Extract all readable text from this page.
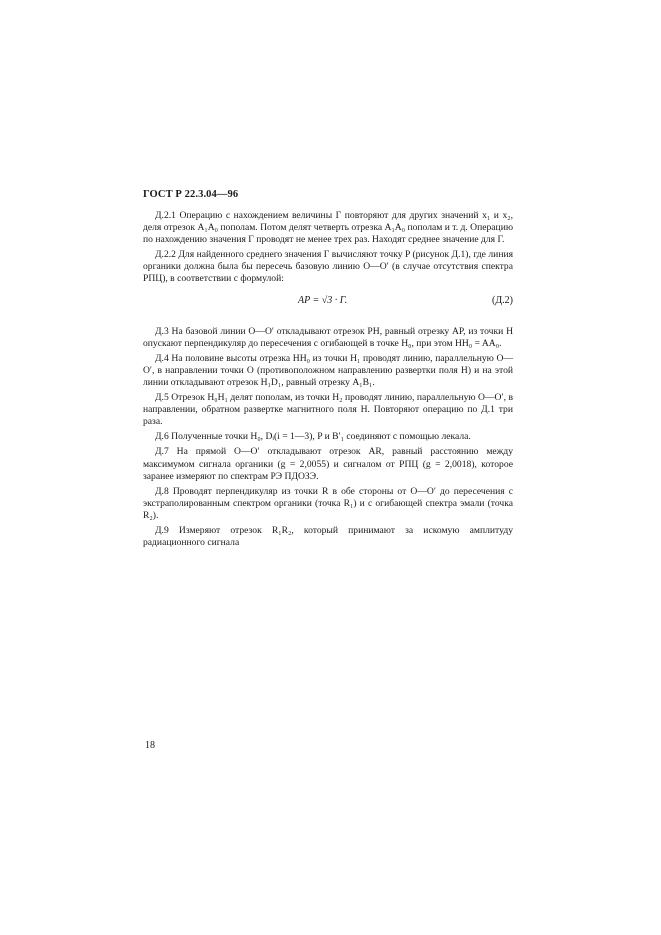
ГОСТ Р 22.3.04—96

Д.2.1 Операцию с нахождением величины Г повторяют для других значений x₁ и x₂, деля отрезок A₁A₀ пополам. Потом делят четверть отрезка A₁A₀ пополам и т. д. Операцию по нахождению значения Г проводят не менее трех раз. Находят среднее значение для Г.

Д.2.2 Для найденного среднего значения Г вычисляют точку P (рисунок Д.1), где линия органики должна была бы пересечь базовую линию O—O′ (в случае отсутствия спектра РПЦ), в соответствии с формулой:

AP = √3 · Г.	(Д.2)

Д.3 На базовой линии O—O′ откладывают отрезок PH, равный отрезку AP, из точки H опускают перпендикуляр до пересечения с огибающей в точке H₀, при этом HH₀ = AA₀.

Д.4 На половине высоты отрезка HH₀ из точки H₁ проводят линию, параллельную O—O′, в направлении точки O (противоположном направлению развертки поля H) и на этой линии откладывают отрезок H₁D₁, равный отрезку A₁B₁.

Д.5 Отрезок H₀H₁ делят пополам, из точки H₂ проводят линию, параллельную O—O′, в направлении, обратном развертке магнитного поля H. Повторяют операцию по Д.1 три раза.

Д.6 Полученные точки H₀, Dᵢ(i = 1—3), P и B′₁ соединяют с помощью лекала.

Д.7 На прямой O—O′ откладывают отрезок AR, равный расстоянию между максимумом сигнала органики (g = 2,0055) и сигналом от РПЦ (g = 2,0018), которое заранее измеряют по спектрам РЭ ПДОЗЭ.

Д.8 Проводят перпендикуляр из точки R в обе стороны от O—O′ до пересечения с экстраполированным спектром органики (точка R₁) и с огибающей спектра эмали (точка R₂).

Д.9 Измеряют отрезок R₁R₂, который принимают за искомую амплитуду радиационного сигнала

18
